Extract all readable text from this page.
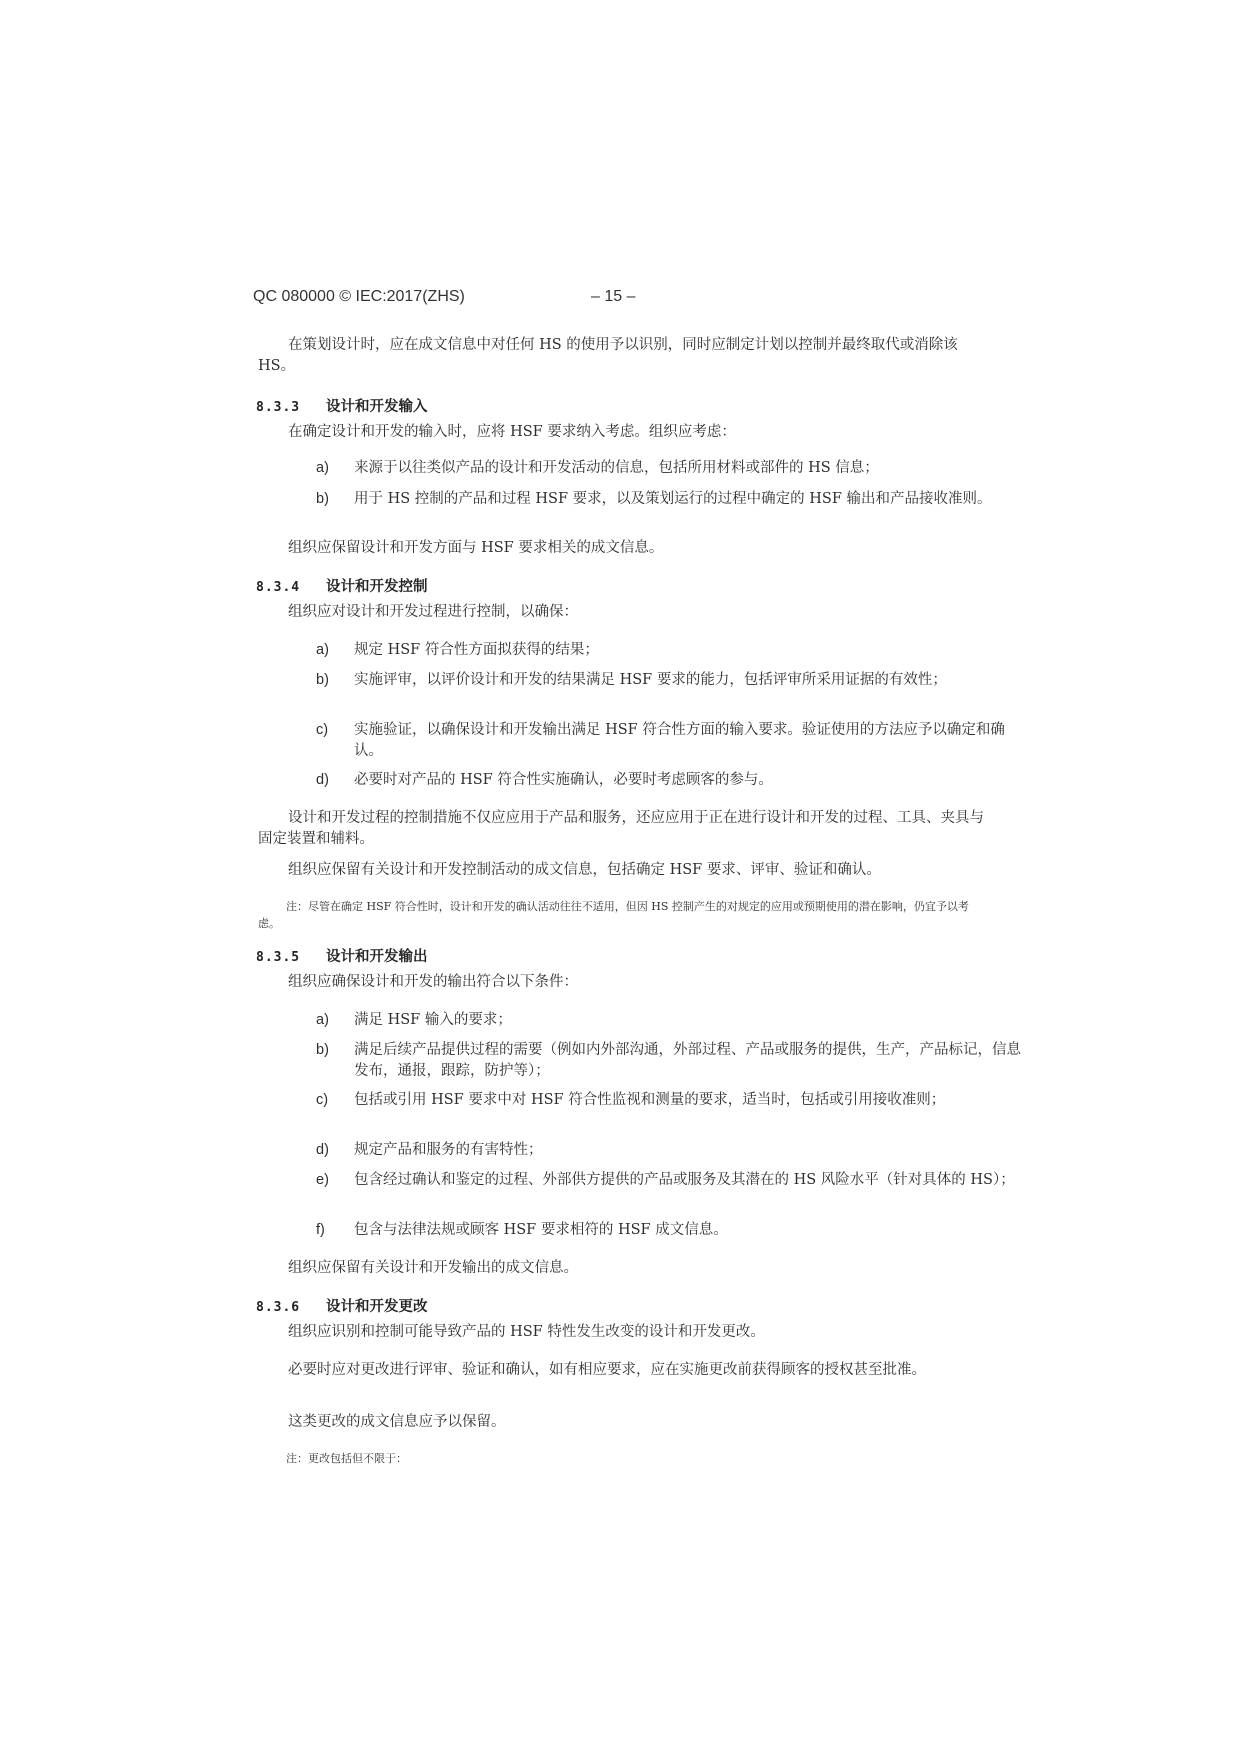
QC 080000 © IEC:2017(ZHS)	– 15 –
在策划设计时，应在成文信息中对任何 HS 的使用予以识别，同时应制定计划以控制并最终取代或消除该 HS。
8.3.3 设计和开发输入
在确定设计和开发的输入时，应将 HSF 要求纳入考虑。组织应考虑：
a) 来源于以往类似产品的设计和开发活动的信息，包括所用材料或部件的 HS 信息；
b) 用于 HS 控制的产品和过程 HSF 要求，以及策划运行的过程中确定的 HSF 输出和产品接收准则。
组织应保留设计和开发方面与 HSF 要求相关的成文信息。
8.3.4 设计和开发控制
组织应对设计和开发过程进行控制，以确保：
a) 规定 HSF 符合性方面拟获得的结果；
b) 实施评审，以评价设计和开发的结果满足 HSF 要求的能力，包括评审所采用证据的有效性；
c) 实施验证，以确保设计和开发输出满足 HSF 符合性方面的输入要求。验证使用的方法应予以确定和确认。
d) 必要时对产品的 HSF 符合性实施确认，必要时考虑顾客的参与。
设计和开发过程的控制措施不仅应应用于产品和服务，还应应用于正在进行设计和开发的过程、工具、夹具与固定装置和辅料。
组织应保留有关设计和开发控制活动的成文信息，包括确定 HSF 要求、评审、验证和确认。
注：尽管在确定 HSF 符合性时，设计和开发的确认活动往往不适用，但因 HS 控制产生的对规定的应用或预期使用的潜在影响，仍宜予以考虑。
8.3.5 设计和开发输出
组织应确保设计和开发的输出符合以下条件：
a) 满足 HSF 输入的要求；
b) 满足后续产品提供过程的需要（例如内外部沟通，外部过程、产品或服务的提供，生产，产品标记，信息发布，通报，跟踪，防护等）；
c) 包括或引用 HSF 要求中对 HSF 符合性监视和测量的要求，适当时，包括或引用接收准则；
d) 规定产品和服务的有害特性；
e) 包含经过确认和鉴定的过程、外部供方提供的产品或服务及其潜在的 HS 风险水平（针对具体的 HS）；
f) 包含与法律法规或顾客 HSF 要求相符的 HSF 成文信息。
组织应保留有关设计和开发输出的成文信息。
8.3.6 设计和开发更改
组织应识别和控制可能导致产品的 HSF 特性发生改变的设计和开发更改。
必要时应对更改进行评审、验证和确认，如有相应要求，应在实施更改前获得顾客的授权甚至批准。
这类更改的成文信息应予以保留。
注：更改包括但不限于：
